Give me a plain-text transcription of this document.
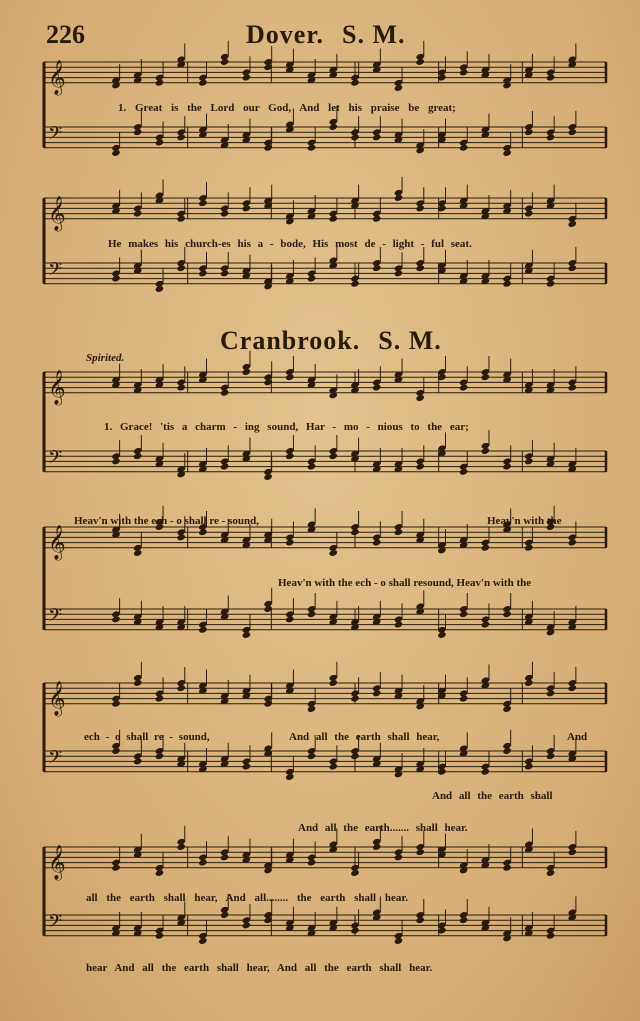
226	Dover. S. M.
Cranbrook. S. M.
Spirited.
𝄞
𝄢
𝄞
𝄢
𝄞
𝄢
𝄞
𝄢
𝄞
𝄢
𝄞
𝄢
1. Great is the Lord our God, And let his praise be great;
He makes his church-es his a - bode, His most de - light - ful seat.
1. Grace! 'tis a charm - ing sound, Har - mo - nious to the ear;
Heav'n with the ech - o shall re - sound,	Heav'n with the
Heav'n with the ech - o shall resound, Heav'n with the
ech - o shall re - sound,	And all the earth shall hear,	And
And all the earth shall
And all the earth....... shall hear.
all the earth shall hear, And all........ the earth shall hear.
hear And all the earth shall hear, And all the earth shall hear.
